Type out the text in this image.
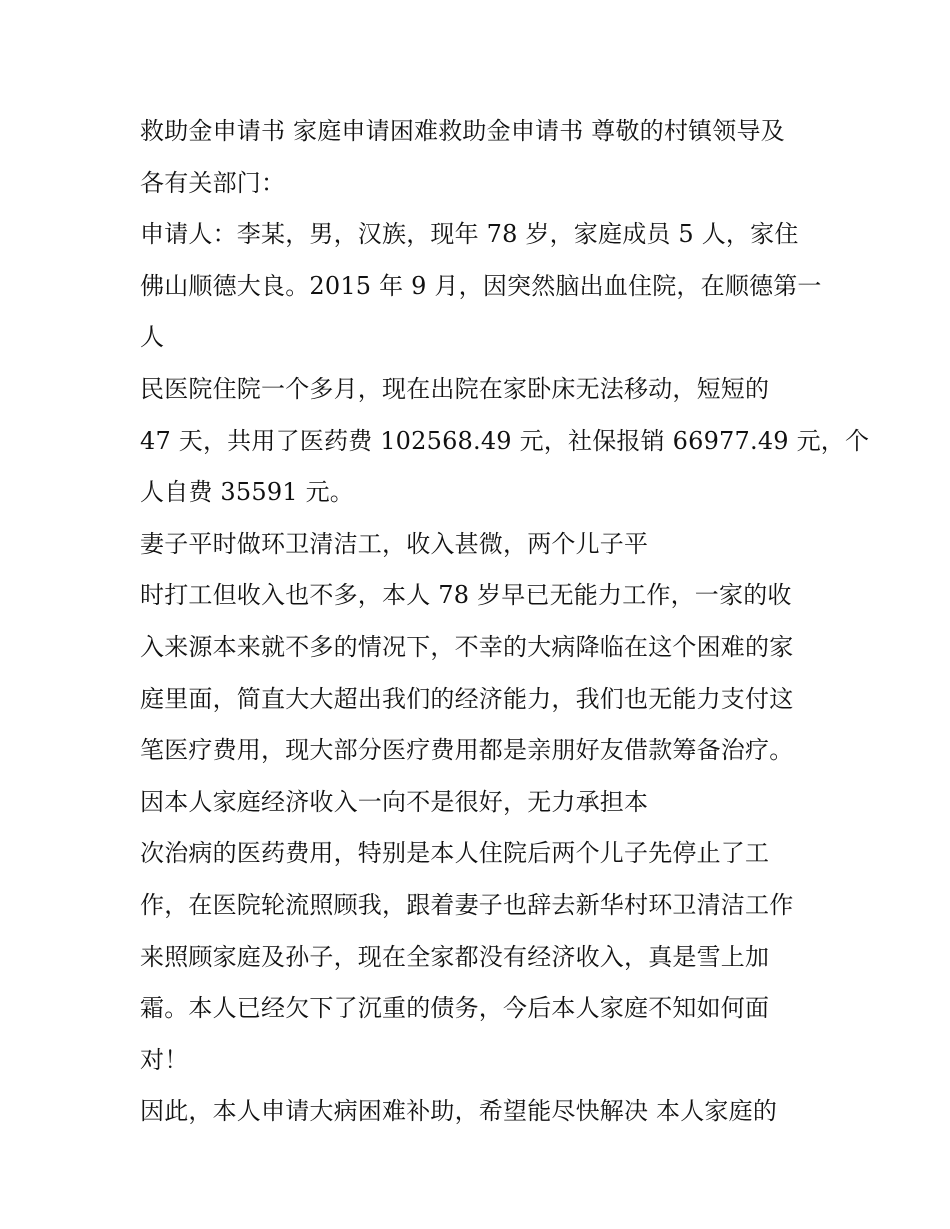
救助金申请书 家庭申请困难救助金申请书 尊敬的村镇领导及
各有关部门：
申请人：李某，男，汉族，现年 78 岁，家庭成员 5 人，家住
佛山顺德大良。2015 年 9 月，因突然脑出血住院，在顺德第一
人
民医院住院一个多月，现在出院在家卧床无法移动，短短的
47 天，共用了医药费 102568.49 元，社保报销 66977.49 元，个
人自费 35591 元。
妻子平时做环卫清洁工，收入甚微，两个儿子平
时打工但收入也不多，本人 78 岁早已无能力工作，一家的收
入来源本来就不多的情况下，不幸的大病降临在这个困难的家
庭里面，简直大大超出我们的经济能力，我们也无能力支付这
笔医疗费用，现大部分医疗费用都是亲朋好友借款筹备治疗。
因本人家庭经济收入一向不是很好，无力承担本
次治病的医药费用，特别是本人住院后两个儿子先停止了工
作，在医院轮流照顾我，跟着妻子也辞去新华村环卫清洁工作
来照顾家庭及孙子，现在全家都没有经济收入，真是雪上加
霜。本人已经欠下了沉重的债务，今后本人家庭不知如何面
对！
因此，本人申请大病困难补助，希望能尽快解决 本人家庭的
